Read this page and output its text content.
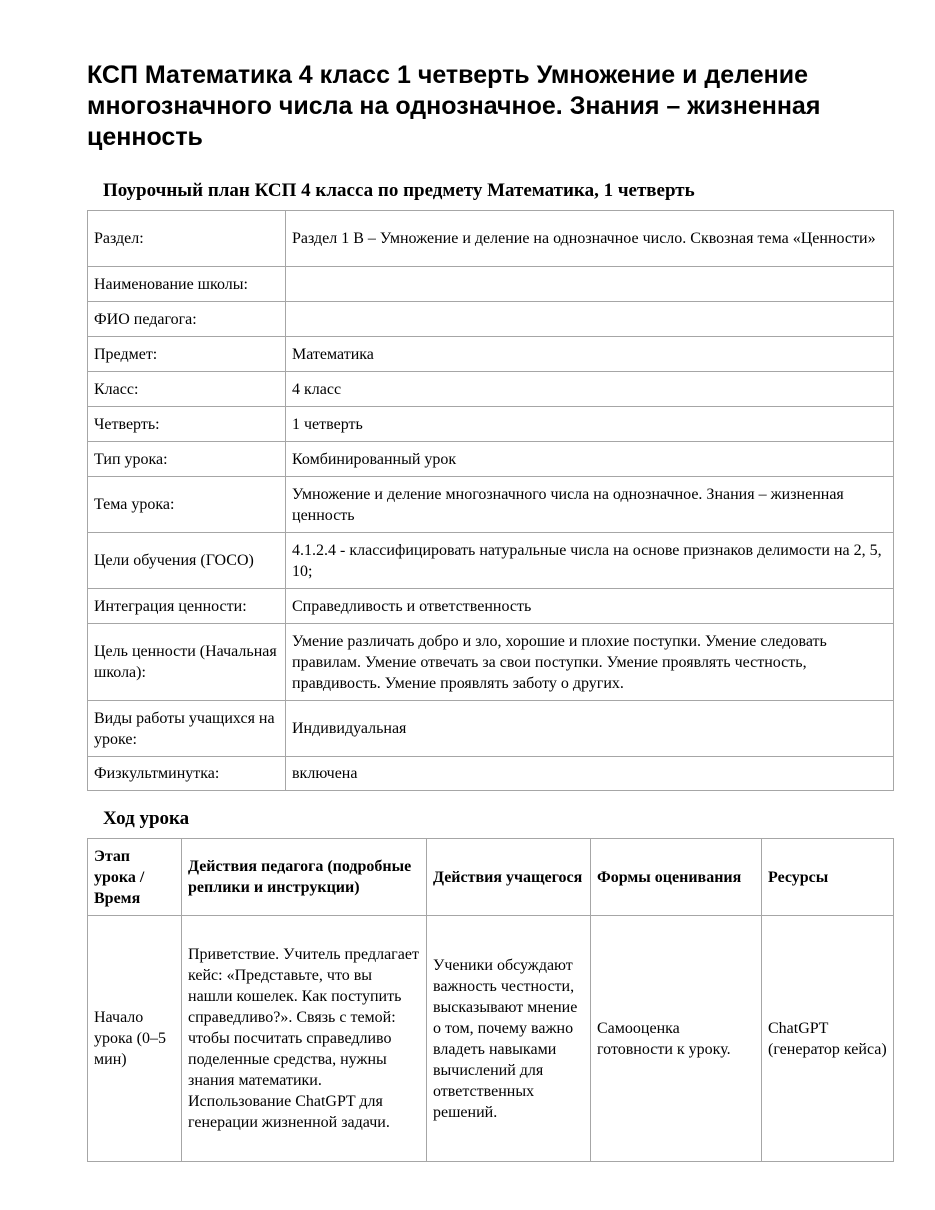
КСП Математика 4 класс 1 четверть Умножение и деление многозначного числа на однозначное. Знания – жизненная ценность
Поурочный план КСП 4 класса по предмету Математика, 1 четверть
Раздел:	Раздел 1 В – Умножение и деление на однозначное число. Сквозная тема «Ценности»
Наименование школы:	
ФИО педагога:	
Предмет:	Математика
Класс:	4 класс
Четверть:	1 четверть
Тип урока:	Комбинированный урок
Тема урока:	Умножение и деление многозначного числа на однозначное. Знания – жизненная ценность
Цели обучения (ГОСО)	4.1.2.4 - классифицировать натуральные числа на основе признаков делимости на 2, 5, 10;
Интеграция ценности:	Справедливость и ответственность
Цель ценности (Начальная школа):	Умение различать добро и зло, хорошие и плохие поступки. Умение следовать правилам. Умение отвечать за свои поступки. Умение проявлять честность, правдивость. Умение проявлять заботу о других.
Виды работы учащихся на уроке:	Индивидуальная
Физкультминутка:	включена
Ход урока
Этап урока / Время	Действия педагога (подробные реплики и инструкции)	Действия учащегося	Формы оценивания	Ресурсы
Начало урока (0–5 мин)	Приветствие. Учитель предлагает кейс: «Представьте, что вы нашли кошелек. Как поступить справедливо?». Связь с темой: чтобы посчитать справедливо поделенные средства, нужны знания математики. Использование ChatGPT для генерации жизненной задачи.	Ученики обсуждают важность честности, высказывают мнение о том, почему важно владеть навыками вычислений для ответственных решений.	Самооценка готовности к уроку.	ChatGPT (генератор кейса)
